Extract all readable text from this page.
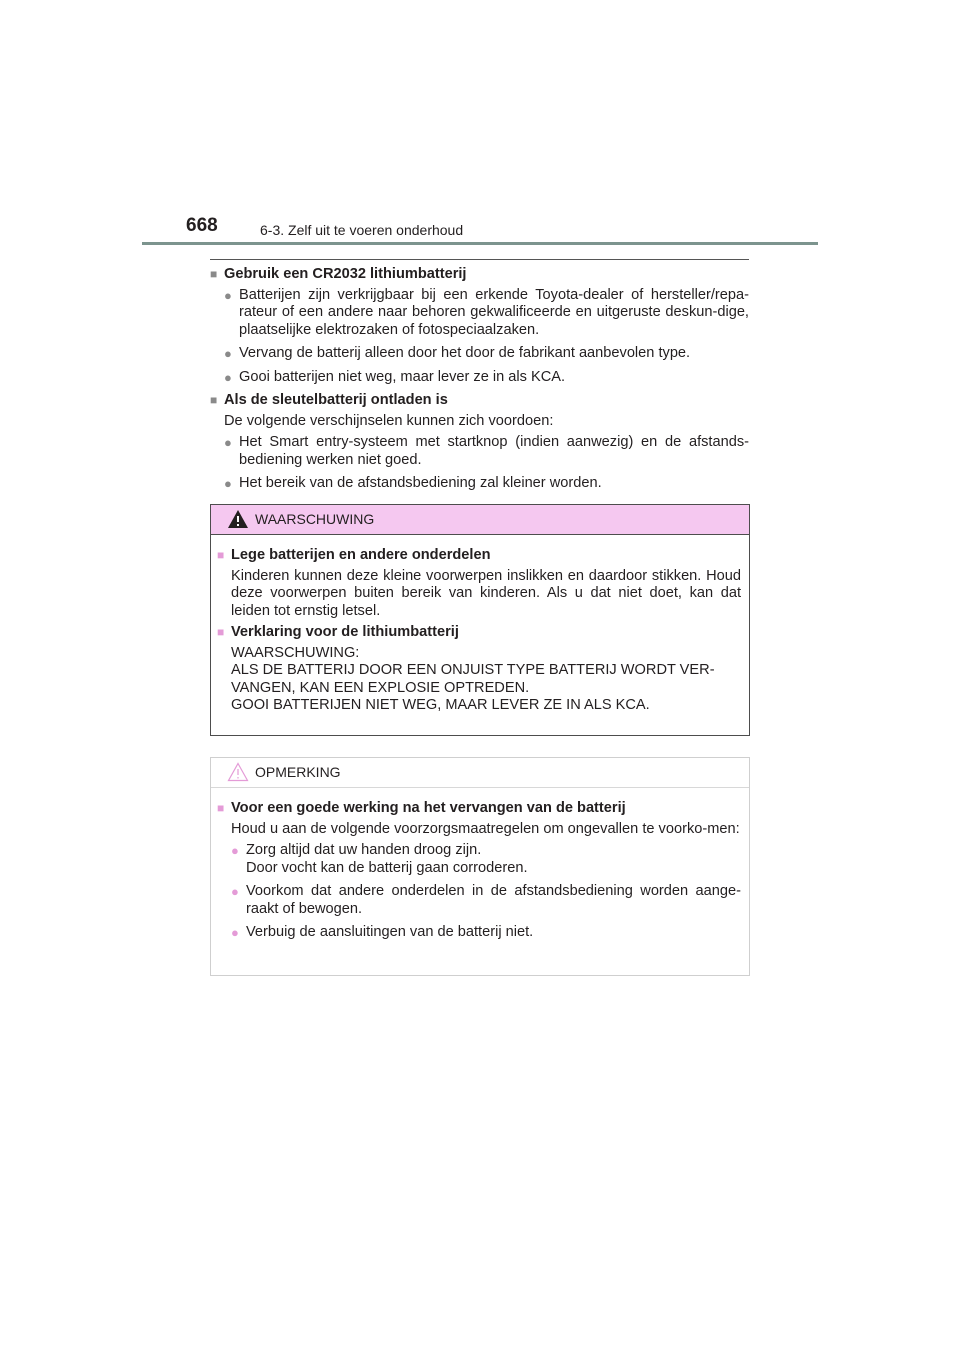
668	6-3. Zelf uit te voeren onderhoud
■ Gebruik een CR2032 lithiumbatterij
● Batterijen zijn verkrijgbaar bij een erkende Toyota-dealer of hersteller/repa-rateur of een andere naar behoren gekwalificeerde en uitgeruste deskun-dige, plaatselijke elektrozaken of fotospeciaalzaken.
● Vervang de batterij alleen door het door de fabrikant aanbevolen type.
● Gooi batterijen niet weg, maar lever ze in als KCA.
■ Als de sleutelbatterij ontladen is
De volgende verschijnselen kunnen zich voordoen:
● Het Smart entry-systeem met startknop (indien aanwezig) en de afstands-bediening werken niet goed.
● Het bereik van de afstandsbediening zal kleiner worden.
WAARSCHUWING
■ Lege batterijen en andere onderdelen
Kinderen kunnen deze kleine voorwerpen inslikken en daardoor stikken. Houd deze voorwerpen buiten bereik van kinderen. Als u dat niet doet, kan dat leiden tot ernstig letsel.
■ Verklaring voor de lithiumbatterij
WAARSCHUWING:
ALS DE BATTERIJ DOOR EEN ONJUIST TYPE BATTERIJ WORDT VER-VANGEN, KAN EEN EXPLOSIE OPTREDEN.
GOOI BATTERIJEN NIET WEG, MAAR LEVER ZE IN ALS KCA.
OPMERKING
■ Voor een goede werking na het vervangen van de batterij
Houd u aan de volgende voorzorgsmaatregelen om ongevallen te voorko-men:
● Zorg altijd dat uw handen droog zijn.
Door vocht kan de batterij gaan corroderen.
● Voorkom dat andere onderdelen in de afstandsbediening worden aange-raakt of bewogen.
● Verbuig de aansluitingen van de batterij niet.
